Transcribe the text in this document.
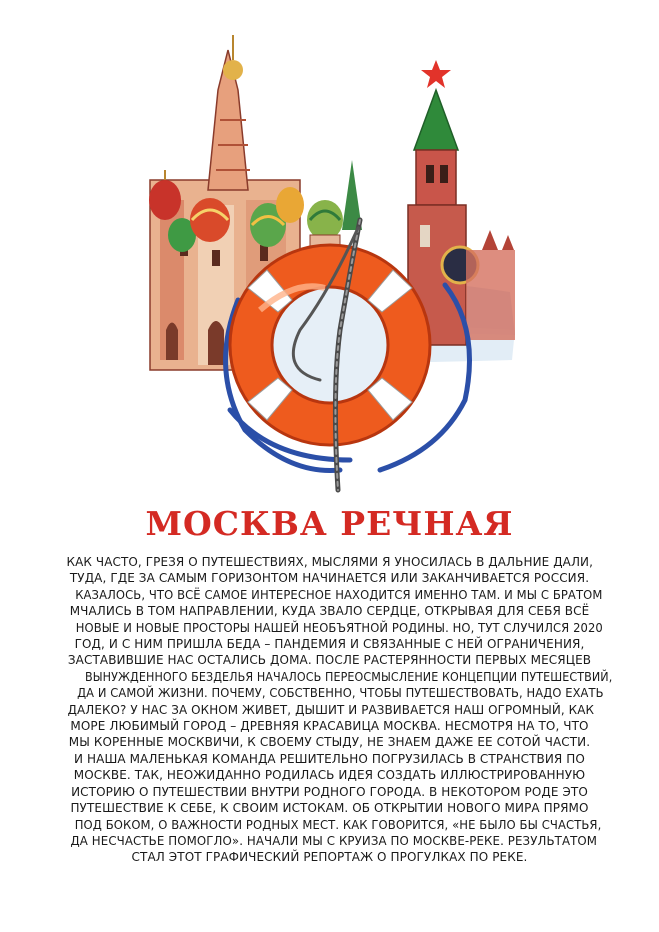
МОСКВА РЕЧНАЯ

КАК ЧАСТО, ГРЕЗЯ О ПУТЕШЕСТВИЯХ, МЫСЛЯМИ Я УНОСИЛАСЬ В ДАЛЬНИЕ ДАЛИ,
ТУДА, ГДЕ ЗА САМЫМ ГОРИЗОНТОМ НАЧИНАЕТСЯ ИЛИ ЗАКАНЧИВАЕТСЯ РОССИЯ.
КАЗАЛОСЬ, ЧТО ВСЁ САМОЕ ИНТЕРЕСНОЕ НАХОДИТСЯ ИМЕННО ТАМ. И МЫ С БРАТОМ
МЧАЛИСЬ В ТОМ НАПРАВЛЕНИИ, КУДА ЗВАЛО СЕРДЦЕ, ОТКРЫВАЯ ДЛЯ СЕБЯ ВСЁ
НОВЫЕ И НОВЫЕ ПРОСТОРЫ НАШЕЙ НЕОБЪЯТНОЙ РОДИНЫ. НО, ТУТ СЛУЧИЛСЯ 2020
ГОД, И С НИМ ПРИШЛА БЕДА – ПАНДЕМИЯ И СВЯЗАННЫЕ С НЕЙ ОГРАНИЧЕНИЯ,
ЗАСТАВИВШИЕ НАС ОСТАЛИСЬ ДОМА. ПОСЛЕ РАСТЕРЯННОСТИ ПЕРВЫХ МЕСЯЦЕВ
ВЫНУЖДЕННОГО БЕЗДЕЛЬЯ НАЧАЛОСЬ ПЕРЕОСМЫСЛЕНИЕ КОНЦЕПЦИИ ПУТЕШЕСТВИЙ,
ДА И САМОЙ ЖИЗНИ. ПОЧЕМУ, СОБСТВЕННО, ЧТОБЫ ПУТЕШЕСТВОВАТЬ, НАДО ЕХАТЬ
ДАЛЕКО? У НАС ЗА ОКНОМ ЖИВЕТ, ДЫШИТ И РАЗВИВАЕТСЯ НАШ ОГРОМНЫЙ, КАК
МОРЕ ЛЮБИМЫЙ ГОРОД – ДРЕВНЯЯ КРАСАВИЦА МОСКВА. НЕСМОТРЯ НА ТО, ЧТО
МЫ КОРЕННЫЕ МОСКВИЧИ, К СВОЕМУ СТЫДУ, НЕ ЗНАЕМ ДАЖЕ ЕЕ СОТОЙ ЧАСТИ.
И НАША МАЛЕНЬКАЯ КОМАНДА РЕШИТЕЛЬНО ПОГРУЗИЛАСЬ В СТРАНСТВИЯ ПО
МОСКВЕ. ТАК, НЕОЖИДАННО РОДИЛАСЬ ИДЕЯ СОЗДАТЬ ИЛЛЮСТРИРОВАННУЮ
ИСТОРИЮ О ПУТЕШЕСТВИИ ВНУТРИ РОДНОГО ГОРОДА. В НЕКОТОРОМ РОДЕ ЭТО
ПУТЕШЕСТВИЕ К СЕБЕ, К СВОИМ ИСТОКАМ. ОБ ОТКРЫТИИ НОВОГО МИРА ПРЯМО
ПОД БОКОМ, О ВАЖНОСТИ РОДНЫХ МЕСТ. КАК ГОВОРИТСЯ, «НЕ БЫЛО БЫ СЧАСТЬЯ,
ДА НЕСЧАСТЬЕ ПОМОГЛО». НАЧАЛИ МЫ С КРУИЗА ПО МОСКВЕ-РЕКЕ. РЕЗУЛЬТАТОМ
СТАЛ ЭТОТ ГРАФИЧЕСКИЙ РЕПОРТАЖ О ПРОГУЛКАХ ПО РЕКЕ.
